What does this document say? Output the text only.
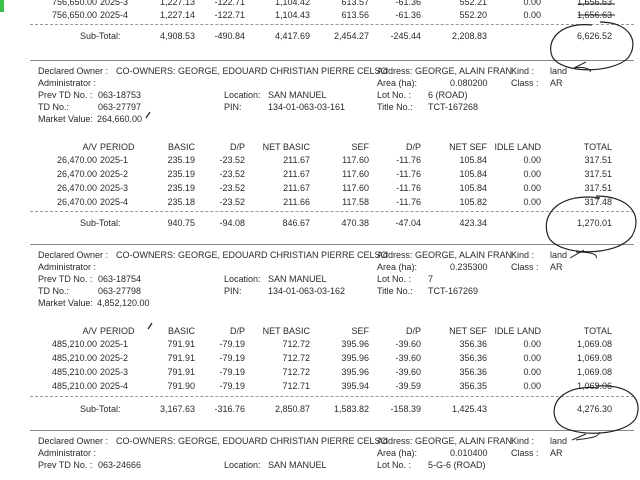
756,650.00 2025-3	1,227.13 -122.71	1,104.42	613.57	-61.36	552.21	0.00	1,656.63
756,650.00 2025-4	1,227.14 -122.71	1,104.43	613.56	-61.36	552.20	0.00	1,656.63
Sub-Total:	4,908.53 -490.84	4,417.69	2,454.27 -245.44	2,208.83	6,626.52
Declared Owner : CO-OWNERS: GEORGE, EDOUARD CHRISTIAN PIERRE CELSO
Address: GEORGE, ALAIN FRAN
Kind : land
Administrator :	Area (ha):	0.080200	Class : AR
Prev TD No. : 063-18753	Location: SAN MANUEL	Lot No. : 6 (ROAD)
TD No.:	063-27797	PIN:	134-01-063-03-161	Title No.: TCT-167268
Market Value: 264,660.00
A/V PERIOD	BASIC	D/P NET BASIC	SEF	D/P	NET SEF IDLE LAND	TOTAL
26,470.00 2025-1	235.19	-23.52	211.67	117.60	-11.76	105.84	0.00	317.51
26,470.00 2025-2	235.19	-23.52	211.67	117.60	-11.76	105.84	0.00	317.51
26,470.00 2025-3	235.19	-23.52	211.67	117.60	-11.76	105.84	0.00	317.51
26,470.00 2025-4	235.18	-23.52	211.66	117.58	-11.76	105.82	0.00	317.48
Sub-Total:	940.75	-94.08	846.67	470.38	-47.04	423.34	1,270.01
Declared Owner : CO-OWNERS: GEORGE, EDOUARD CHRISTIAN PIERRE CELSO
Address: GEORGE, ALAIN FRAN
Kind : land
Administrator :	Area (ha):	0.235300	Class : AR
Prev TD No. : 063-18754	Location: SAN MANUEL	Lot No. : 7
TD No.:	063-27798	PIN:	134-01-063-03-162	Title No.: TCT-167269
Market Value: 4,852,120.00
A/V PERIOD	BASIC	D/P NET BASIC	SEF	D/P	NET SEF IDLE LAND	TOTAL
485,210.00 2025-1	791.91	-79.19	712.72	395.96	-39.60	356.36	0.00	1,069.08
485,210.00 2025-2	791.91	-79.19	712.72	395.96	-39.60	356.36	0.00	1,069.08
485,210.00 2025-3	791.91	-79.19	712.72	395.96	-39.60	356.36	0.00	1,069.08
485,210.00 2025-4	791.90	-79.19	712.71	395.94	-39.59	356.35	0.00	1,069.06
Sub-Total:	3,167.63 -316.76	2,850.87	1,583.82 -158.39	1,425.43	4,276.30
Declared Owner : CO-OWNERS: GEORGE, EDOUARD CHRISTIAN PIERRE CELSO
Address: GEORGE, ALAIN FRAN
Kind : land
Administrator :	Area (ha):	0.010400	Class : AR
Prev TD No. : 063-24666	Location: SAN MANUEL	Lot No. : 5-G-6 (ROAD)
